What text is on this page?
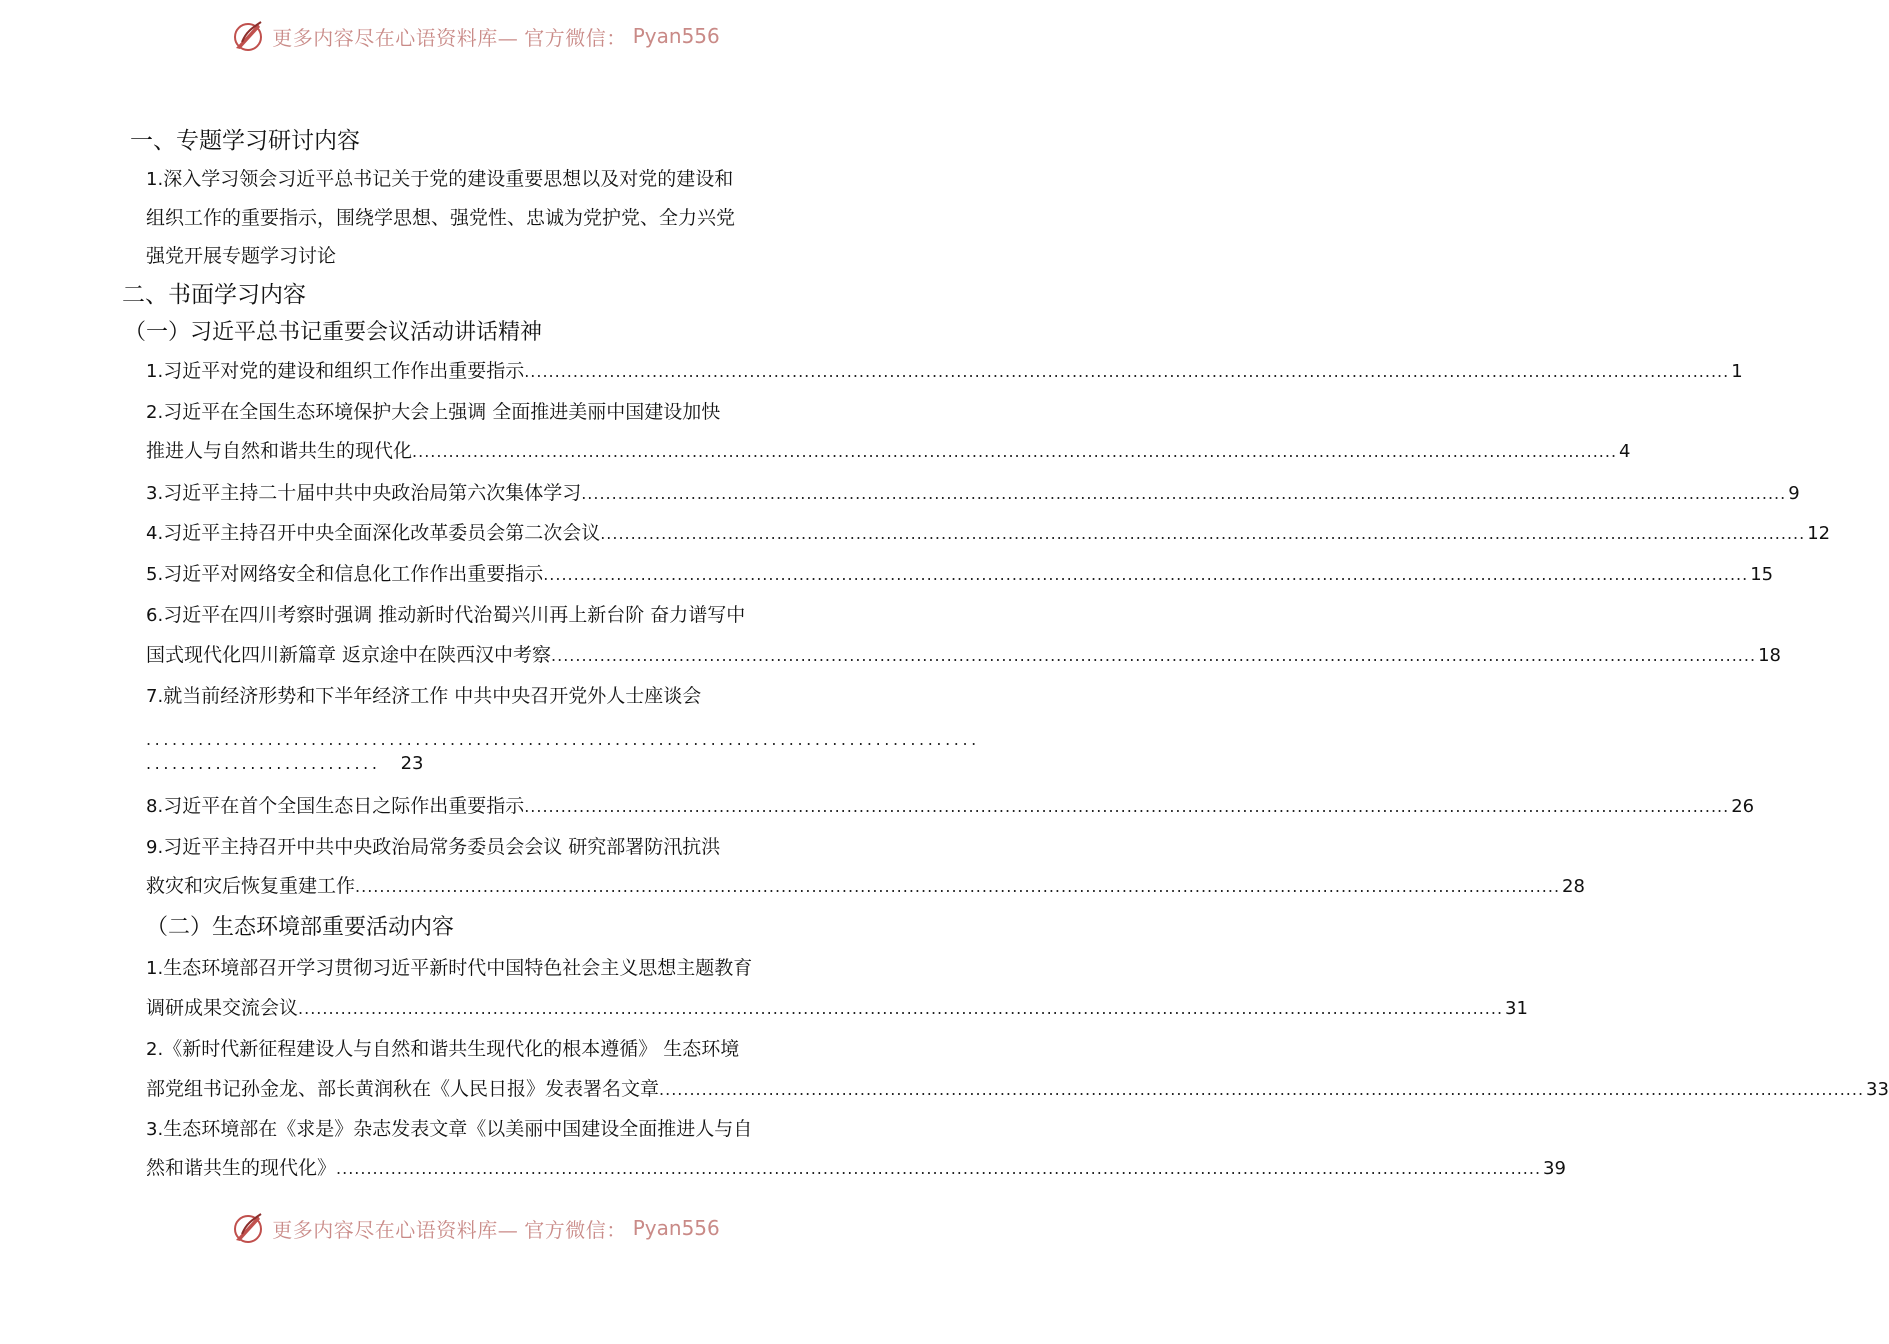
更多内容尽在心语资料库— 官方微信： Pyan556
一、专题学习研讨内容
1.深入学习领会习近平总书记关于党的建设重要思想以及对党的建设和
组织工作的重要指示，围绕学思想、强党性、忠诚为党护党、全力兴党
强党开展专题学习讨论
二、书面学习内容
（一）习近平总书记重要会议活动讲话精神
1.习近平对党的建设和组织工作作出重要指示 .....	1
2.习近平在全国生态环境保护大会上强调 全面推进美丽中国建设加快
推进人与自然和谐共生的现代化 .....	4
3.习近平主持二十届中共中央政治局第六次集体学习 .....	9
4.习近平主持召开中央全面深化改革委员会第二次会议 .....	12
5.习近平对网络安全和信息化工作作出重要指示 .....	15
6.习近平在四川考察时强调 推动新时代治蜀兴川再上新台阶 奋力谱写中
国式现代化四川新篇章 返京途中在陕西汉中考察 .....	18
7.就当前经济形势和下半年经济工作 中共中央召开党外人士座谈会
................................................................................................
........................... 23
8.习近平在首个全国生态日之际作出重要指示 .....	26
9.习近平主持召开中共中央政治局常务委员会会议 研究部署防汛抗洪
救灾和灾后恢复重建工作 .....	28
（二）生态环境部重要活动内容
1.生态环境部召开学习贯彻习近平新时代中国特色社会主义思想主题教育
调研成果交流会议 .....	31
2.《新时代新征程建设人与自然和谐共生现代化的根本遵循》 生态环境
部党组书记孙金龙、部长黄润秋在《人民日报》发表署名文章 .....	33
3.生态环境部在《求是》杂志发表文章《以美丽中国建设全面推进人与自
然和谐共生的现代化》 .....	39
更多内容尽在心语资料库— 官方微信： Pyan556
